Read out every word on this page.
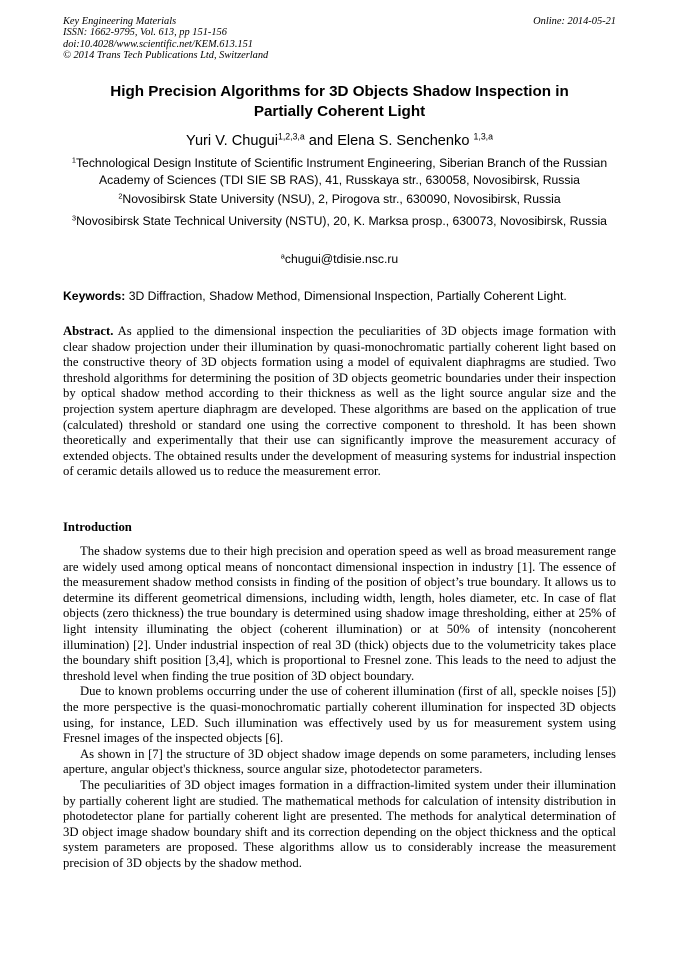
Key Engineering Materials
ISSN: 1662-9795, Vol. 613, pp 151-156
doi:10.4028/www.scientific.net/KEM.613.151
© 2014 Trans Tech Publications Ltd, Switzerland
Online: 2014-05-21
High Precision Algorithms for 3D Objects Shadow Inspection in
Partially Coherent Light
Yuri V. Chugui$^{1,2,3,a}$ and Elena S. Senchenko $^{1,3,a}$
$^1$Technological Design Institute of Scientific Instrument Engineering, Siberian Branch of the Russian Academy of Sciences (TDI SIE SB RAS), 41, Russkaya str., 630058, Novosibirsk, Russia
$^2$Novosibirsk State University (NSU), 2, Pirogova str., 630090, Novosibirsk, Russia
$^3$Novosibirsk State Technical University (NSTU), 20, K. Marksa prosp., 630073, Novosibirsk, Russia
$^a$chugui@tdisie.nsc.ru
Keywords: 3D Diffraction, Shadow Method, Dimensional Inspection, Partially Coherent Light.

Abstract. As applied to the dimensional inspection the peculiarities of 3D objects image formation with clear shadow projection under their illumination by quasi-monochromatic partially coherent light based on the constructive theory of 3D objects formation using a model of equivalent diaphragms are studied. Two threshold algorithms for determining the position of 3D objects geometric boundaries under their inspection by optical shadow method according to their thickness as well as the light source angular size and the projection system aperture diaphragm are developed. These algorithms are based on the application of true (calculated) threshold or standard one using the corrective component to threshold. It has been shown theoretically and experimentally that their use can significantly improve the measurement accuracy of extended objects. The obtained results under the development of measuring systems for industrial inspection of ceramic details allowed us to reduce the measurement error.

Introduction

The shadow systems due to their high precision and operation speed as well as broad measurement range are widely used among optical means of noncontact dimensional inspection in industry [1]. The essence of the measurement shadow method consists in finding of the position of object’s true boundary. It allows us to determine its different geometrical dimensions, including width, length, holes diameter, etc. In case of flat objects (zero thickness) the true boundary is determined using shadow image thresholding, either at 25% of light intensity illuminating the object (coherent illumination) or at 50% of intensity (noncoherent illumination) [2]. Under industrial inspection of real 3D (thick) objects due to the volumetricity takes place the boundary shift position [3,4], which is proportional to Fresnel zone. This leads to the need to adjust the threshold level when finding the true position of 3D object boundary.

Due to known problems occurring under the use of coherent illumination (first of all, speckle noises [5]) the more perspective is the quasi-monochromatic partially coherent illumination for inspected 3D objects using, for instance, LED. Such illumination was effectively used by us for measurement system using Fresnel images of the inspected objects [6].

As shown in [7] the structure of 3D object shadow image depends on some parameters, including lenses aperture, angular object's thickness, source angular size, photodetector parameters.

The peculiarities of 3D object images formation in a diffraction-limited system under their illumination by partially coherent light are studied. The mathematical methods for calculation of intensity distribution in photodetector plane for partially coherent light are presented. The methods for analytical determination of 3D object image shadow boundary shift and its correction depending on the object thickness and the optical system parameters are proposed. These algorithms allow us to considerably increase the measurement precision of 3D objects by the shadow method.
